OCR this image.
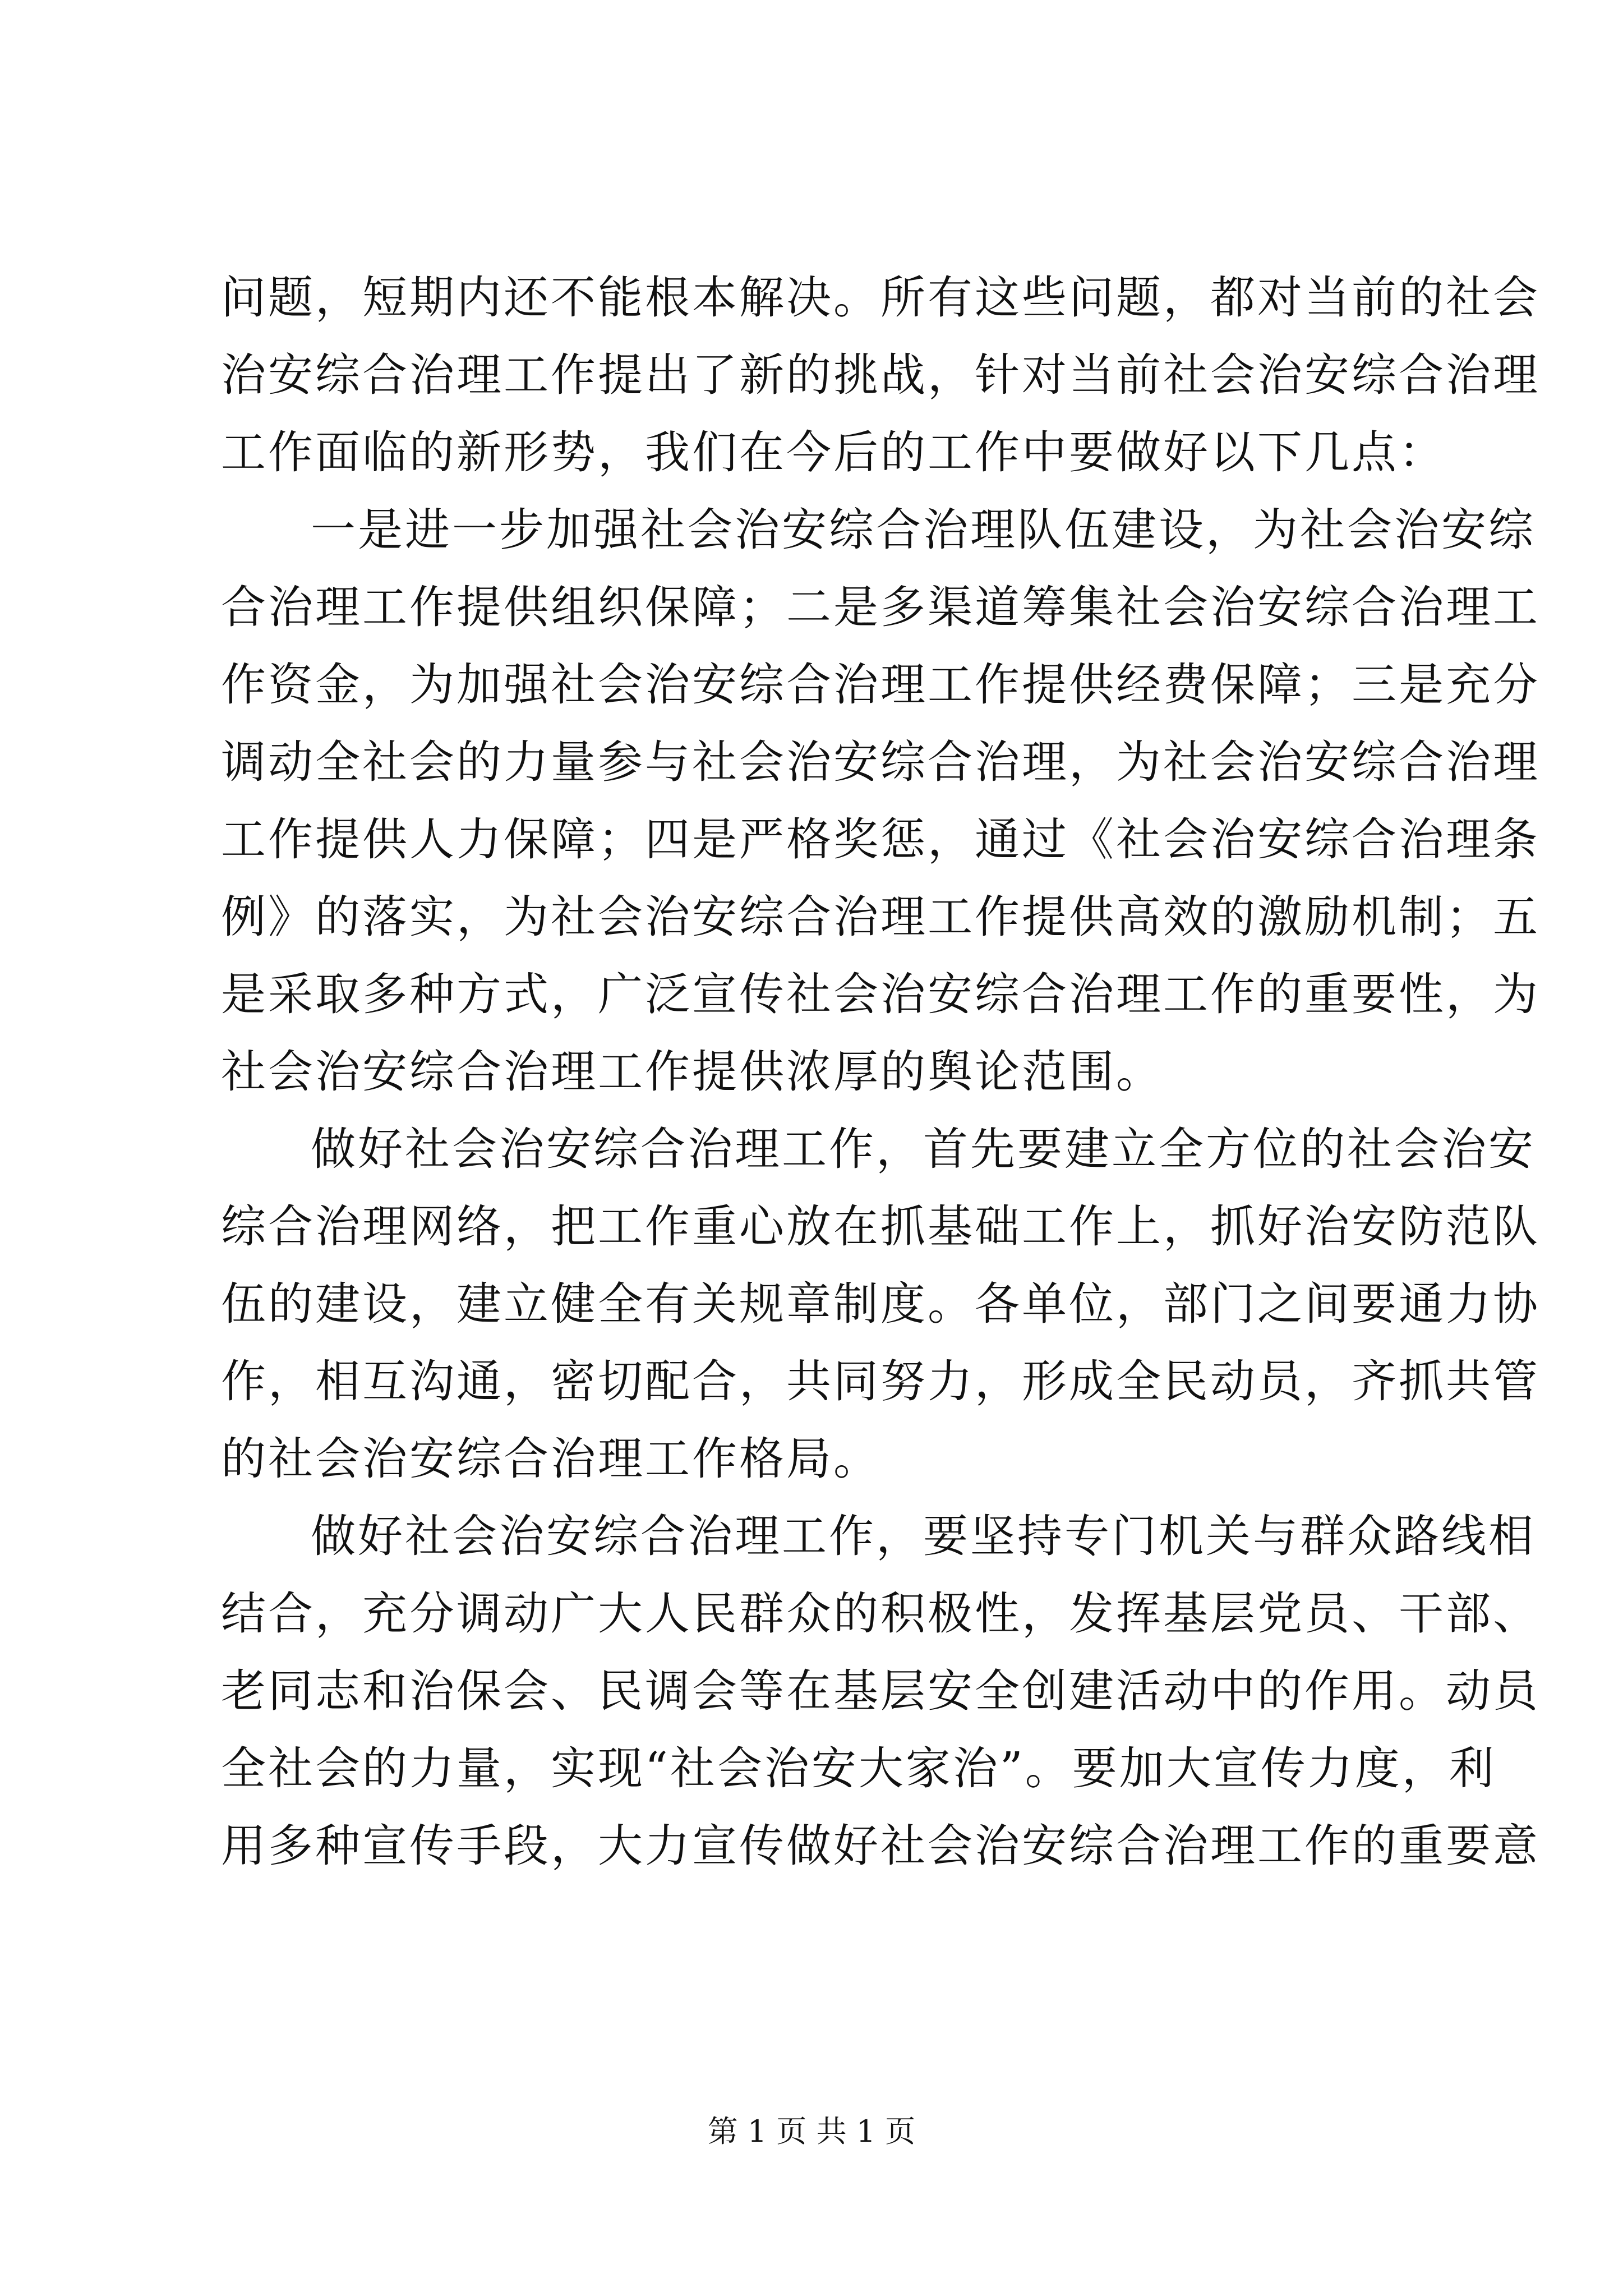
问题，短期内还不能根本解决。所有这些问题，都对当前的社会
治安综合治理工作提出了新的挑战，针对当前社会治安综合治理
工作面临的新形势，我们在今后的工作中要做好以下几点：
一是进一步加强社会治安综合治理队伍建设，为社会治安综
合治理工作提供组织保障；二是多渠道筹集社会治安综合治理工
作资金，为加强社会治安综合治理工作提供经费保障；三是充分
调动全社会的力量参与社会治安综合治理，为社会治安综合治理
工作提供人力保障；四是严格奖惩，通过《社会治安综合治理条
例》的落实，为社会治安综合治理工作提供高效的激励机制；五
是采取多种方式，广泛宣传社会治安综合治理工作的重要性，为
社会治安综合治理工作提供浓厚的舆论范围。
做好社会治安综合治理工作，首先要建立全方位的社会治安
综合治理网络，把工作重心放在抓基础工作上，抓好治安防范队
伍的建设，建立健全有关规章制度。各单位，部门之间要通力协
作，相互沟通，密切配合，共同努力，形成全民动员，齐抓共管
的社会治安综合治理工作格局。
做好社会治安综合治理工作，要坚持专门机关与群众路线相
结合，充分调动广大人民群众的积极性，发挥基层党员、干部、
老同志和治保会、民调会等在基层安全创建活动中的作用。动员
全社会的力量，实现“社会治安大家治”。要加大宣传力度，利
用多种宣传手段，大力宣传做好社会治安综合治理工作的重要意
第 1 页 共 1 页
